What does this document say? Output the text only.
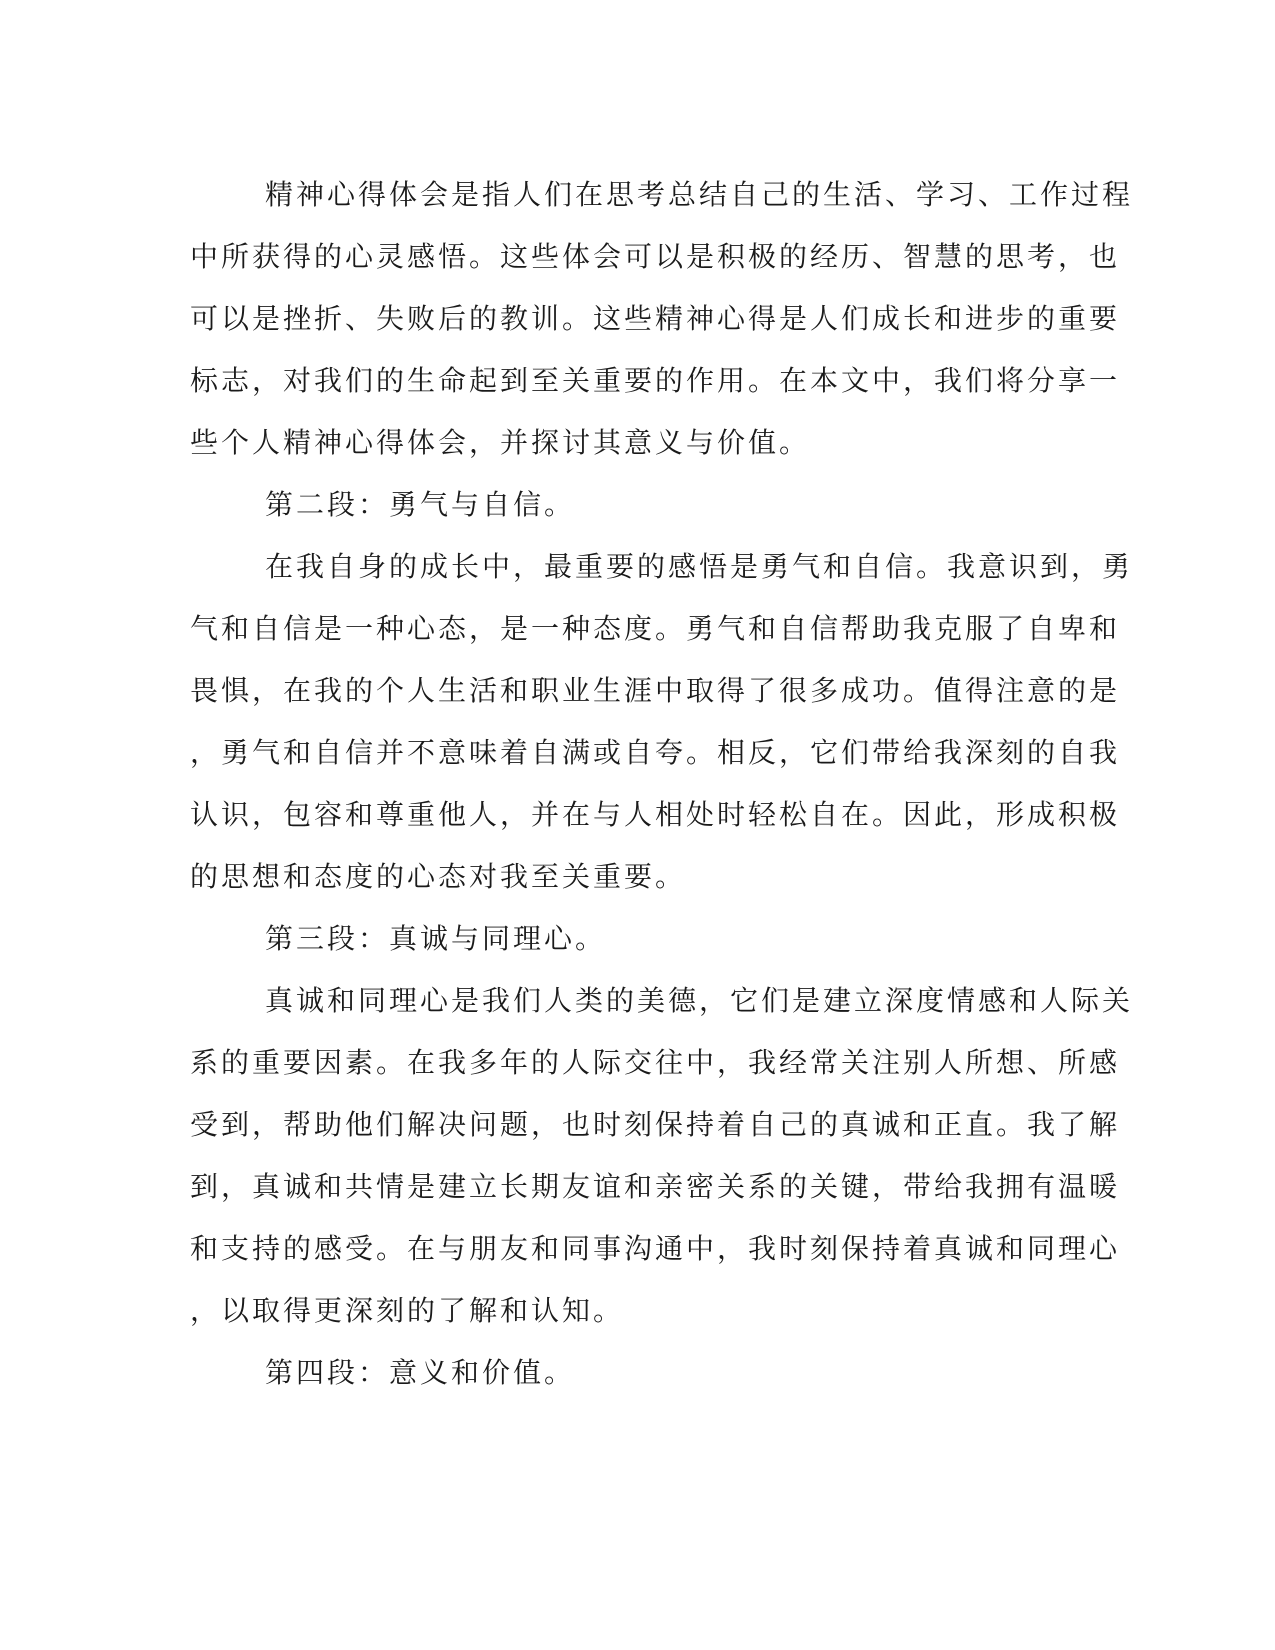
精神心得体会是指人们在思考总结自己的生活、学习、工作过程
中所获得的心灵感悟。这些体会可以是积极的经历、智慧的思考，也
可以是挫折、失败后的教训。这些精神心得是人们成长和进步的重要
标志，对我们的生命起到至关重要的作用。在本文中，我们将分享一
些个人精神心得体会，并探讨其意义与价值。
第二段：勇气与自信。
在我自身的成长中，最重要的感悟是勇气和自信。我意识到，勇
气和自信是一种心态，是一种态度。勇气和自信帮助我克服了自卑和
畏惧，在我的个人生活和职业生涯中取得了很多成功。值得注意的是
，勇气和自信并不意味着自满或自夸。相反，它们带给我深刻的自我
认识，包容和尊重他人，并在与人相处时轻松自在。因此，形成积极
的思想和态度的心态对我至关重要。
第三段：真诚与同理心。
真诚和同理心是我们人类的美德，它们是建立深度情感和人际关
系的重要因素。在我多年的人际交往中，我经常关注别人所想、所感
受到，帮助他们解决问题，也时刻保持着自己的真诚和正直。我了解
到，真诚和共情是建立长期友谊和亲密关系的关键，带给我拥有温暖
和支持的感受。在与朋友和同事沟通中，我时刻保持着真诚和同理心
，以取得更深刻的了解和认知。
第四段：意义和价值。
